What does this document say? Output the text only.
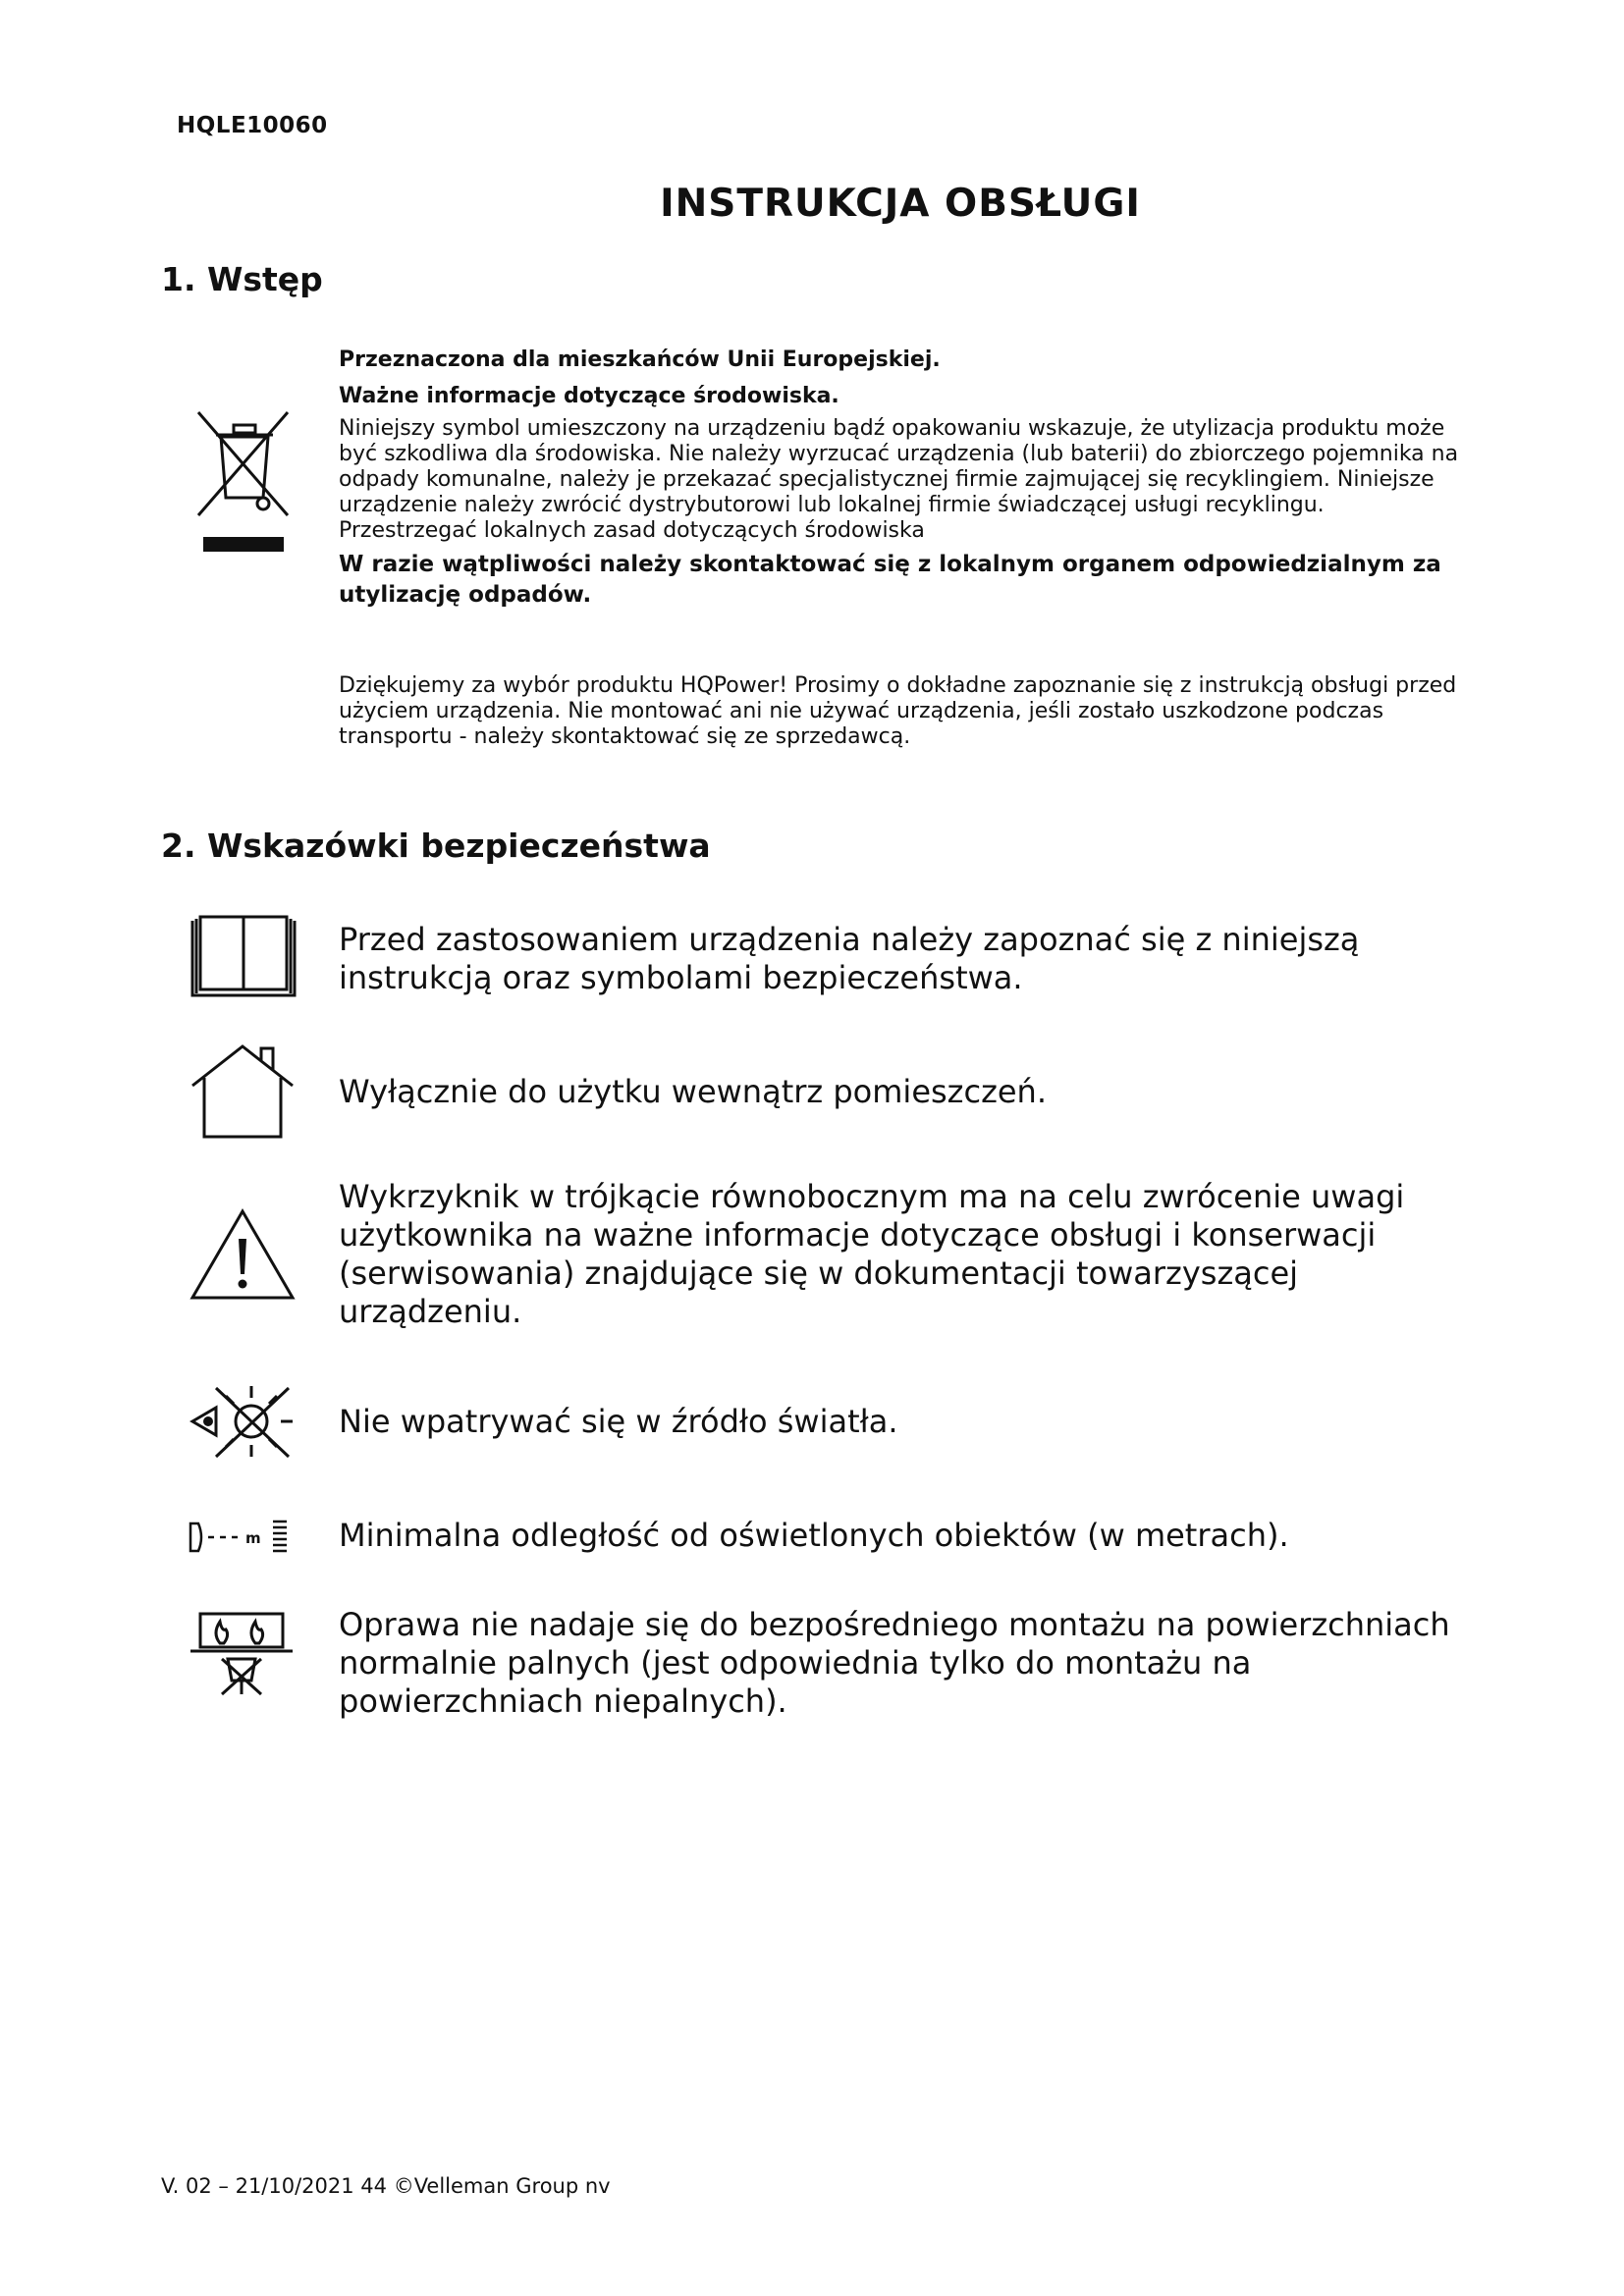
HQLE10060
INSTRUKCJA OBSŁUGI
1. Wstęp

Przeznaczona dla mieszkańców Unii Europejskiej.

Ważne informacje dotyczące środowiska.

Niniejszy symbol umieszczony na urządzeniu bądź opakowaniu wskazuje, że utylizacja produktu może być szkodliwa dla środowiska. Nie należy wyrzucać urządzenia (lub baterii) do zbiorczego pojemnika na odpady komunalne, należy je przekazać specjalistycznej firmie zajmującej się recyklingiem. Niniejsze urządzenie należy zwrócić dystrybutorowi lub lokalnej firmie świadczącej usługi recyklingu. Przestrzegać lokalnych zasad dotyczących środowiska

W razie wątpliwości należy skontaktować się z lokalnym organem odpowiedzialnym za utylizację odpadów.

Dziękujemy za wybór produktu HQPower! Prosimy o dokładne zapoznanie się z instrukcją obsługi przed użyciem urządzenia. Nie montować ani nie używać urządzenia, jeśli zostało uszkodzone podczas transportu - należy skontaktować się ze sprzedawcą.

2. Wskazówki bezpieczeństwa

Przed zastosowaniem urządzenia należy zapoznać się z niniejszą instrukcją oraz symbolami bezpieczeństwa.

Wyłącznie do użytku wewnątrz pomieszczeń.

Wykrzyknik w trójkącie równobocznym ma na celu zwrócenie uwagi użytkownika na ważne informacje dotyczące obsługi i konserwacji (serwisowania) znajdujące się w dokumentacji towarzyszącej urządzeniu.

Nie wpatrywać się w źródło światła.

m Minimalna odległość od oświetlonych obiektów (w metrach).

Oprawa nie nadaje się do bezpośredniego montażu na powierzchniach normalnie palnych (jest odpowiednia tylko do montażu na powierzchniach niepalnych).

V. 02 – 21/10/2021 44 ©Velleman Group nv
